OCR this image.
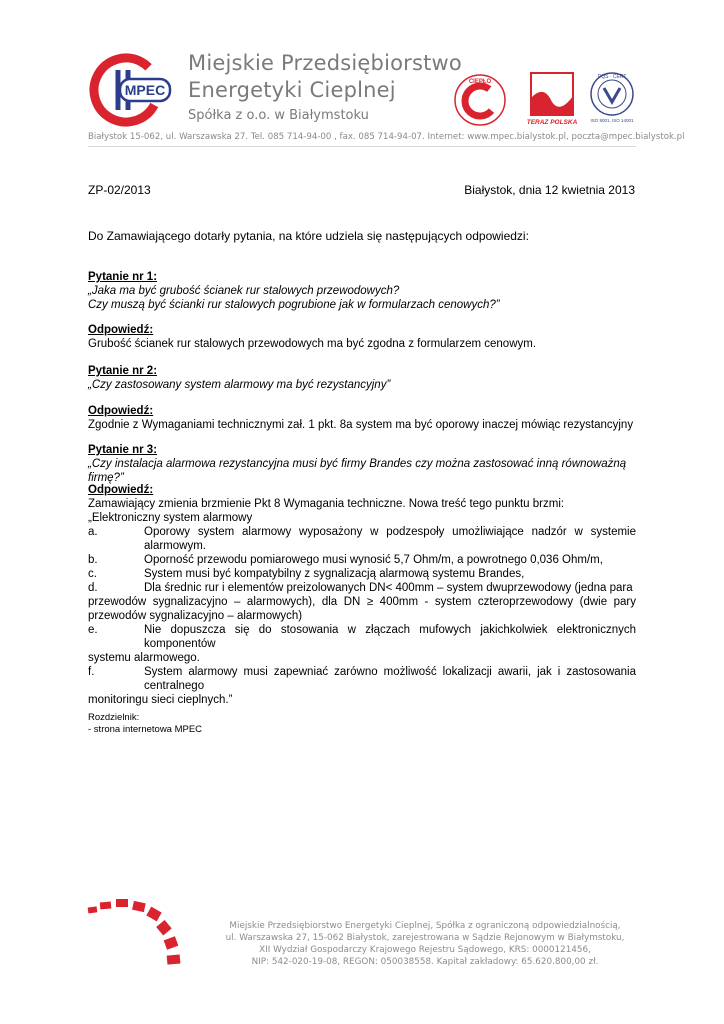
MPEC
Miejskie Przedsiębiorstwo
Energetyki Cieplnej
Spółka z o.o. w Białymstoku
CIEPŁO
TERAZ POLSKA
DQS · CERT
ISO 9001, ISO 14001
Białystok 15-062, ul. Warszawska 27. Tel. 085 714-94-00 , fax. 085 714-94-07. Internet: www.mpec.bialystok.pl, poczta@mpec.bialystok.pl
ZP-02/2013	Białystok, dnia 12 kwietnia 2013
Do Zamawiającego dotarły pytania, na które udziela się następujących odpowiedzi:
Pytanie nr 1:
„Jaka ma być grubość ścianek rur stalowych przewodowych?
Czy muszą być ścianki rur stalowych pogrubione jak w formularzach cenowych?”
Odpowiedź:
Grubość ścianek rur stalowych przewodowych ma być zgodna z formularzem cenowym.
Pytanie nr 2:
„Czy zastosowany system alarmowy ma być rezystancyjny”
Odpowiedź:
Zgodnie z Wymaganiami technicznymi zał. 1 pkt. 8a system ma być oporowy inaczej mówiąc rezystancyjny
Pytanie nr 3:
„Czy instalacja alarmowa rezystancyjna musi być firmy Brandes czy można zastosować inną równoważną firmę?”
Odpowiedź:
Zamawiający zmienia brzmienie Pkt 8 Wymagania techniczne. Nowa treść tego punktu brzmi:
„Elektroniczny system alarmowy
a.	Oporowy system alarmowy wyposażony w podzespoły umożliwiające nadzór w systemie alarmowym.
b.	Oporność przewodu pomiarowego musi wynosić 5,7 Ohm/m, a powrotnego 0,036 Ohm/m,
c.	System musi być kompatybilny z sygnalizacją alarmową systemu Brandes,
d.	Dla średnic rur i elementów preizolowanych DN< 400mm – system dwuprzewodowy (jedna para
przewodów sygnalizacyjno – alarmowych), dla DN ≥ 400mm - system czteroprzewodowy (dwie pary przewodów sygnalizacyjno – alarmowych)
e.	Nie dopuszcza się do stosowania w złączach mufowych jakichkolwiek elektronicznych komponentów
systemu alarmowego.
f.	System alarmowy musi zapewniać zarówno możliwość lokalizacji awarii, jak i zastosowania centralnego
monitoringu sieci cieplnych.”
Rozdzielnik:
- strona internetowa MPEC
Miejskie Przedsiębiorstwo Energetyki Cieplnej, Spółka z ograniczoną odpowiedzialnością,
ul. Warszawska 27, 15-062 Białystok, zarejestrowana w Sądzie Rejonowym w Białymstoku,
XII Wydział Gospodarczy Krajowego Rejestru Sądowego, KRS: 0000121456,
NIP: 542-020-19-08, REGON: 050038558. Kapitał zakładowy: 65.620.800,00 zł.
